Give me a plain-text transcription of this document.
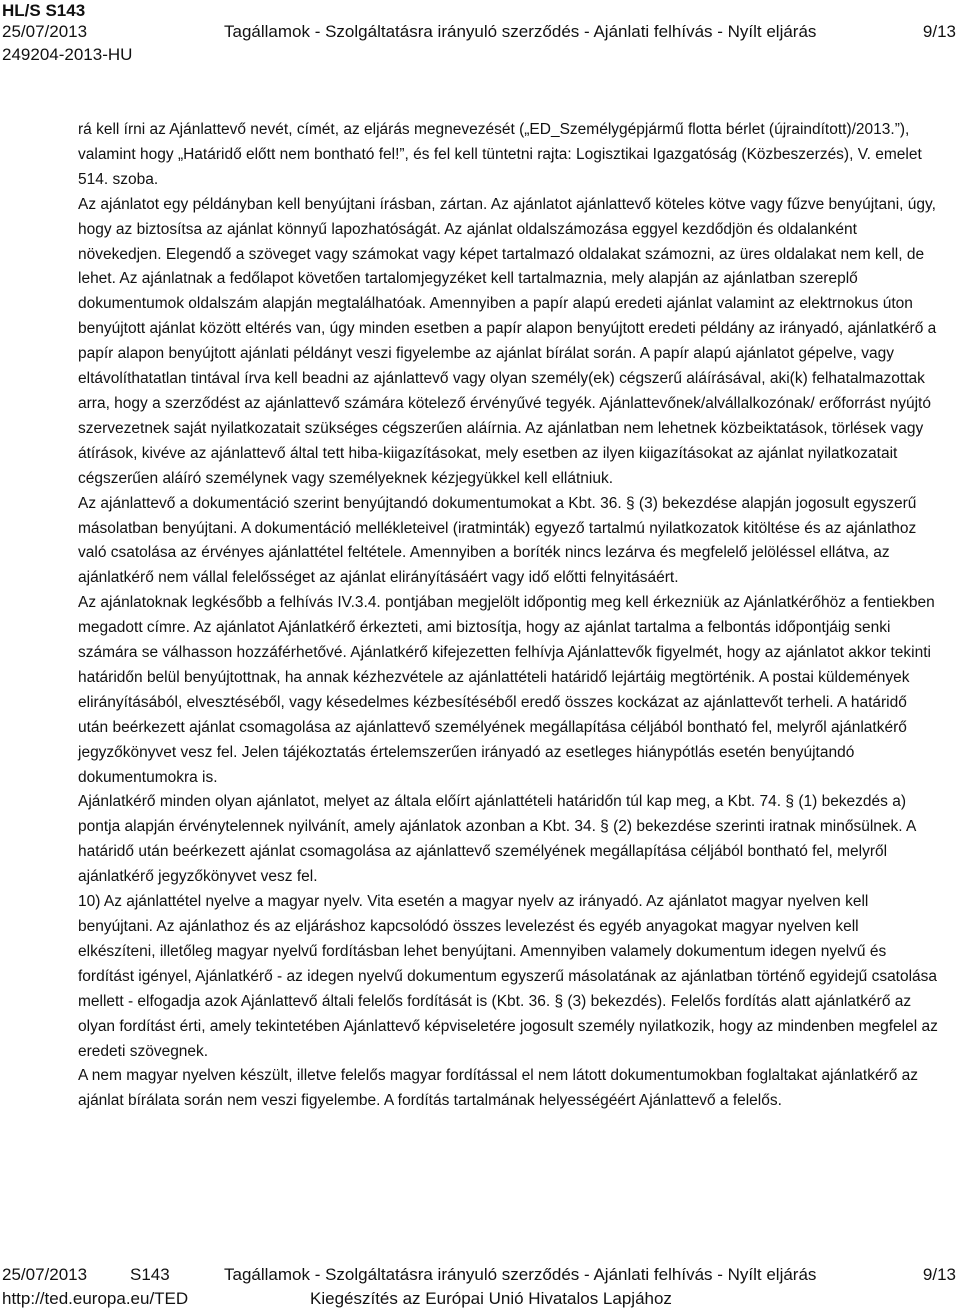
HL/S S143
25/07/2013	Tagállamok - Szolgáltatásra irányuló szerződés - Ajánlati felhívás - Nyílt eljárás	9/13
249204-2013-HU

rá kell írni az Ajánlattevő nevét, címét, az eljárás megnevezését („ED_Személygépjármű flotta bérlet (újraindított)/2013.”), valamint hogy „Határidő előtt nem bontható fel!”, és fel kell tüntetni rajta: Logisztikai Igazgatóság (Közbeszerzés), V. emelet 514. szoba.

Az ajánlatot egy példányban kell benyújtani írásban, zártan. Az ajánlatot ajánlattevő köteles kötve vagy fűzve benyújtani, úgy, hogy az biztosítsa az ajánlat könnyű lapozhatóságát. Az ajánlat oldalszámozása eggyel kezdődjön és oldalanként növekedjen. Elegendő a szöveget vagy számokat vagy képet tartalmazó oldalakat számozni, az üres oldalakat nem kell, de lehet. Az ajánlatnak a fedőlapot követően tartalomjegyzéket kell tartalmaznia, mely alapján az ajánlatban szereplő dokumentumok oldalszám alapján megtalálhatóak. Amennyiben a papír alapú eredeti ajánlat valamint az elektrnokus úton benyújtott ajánlat között eltérés van, úgy minden esetben a papír alapon benyújtott eredeti példány az irányadó, ajánlatkérő a papír alapon benyújtott ajánlati példányt veszi figyelembe az ajánlat bírálat során. A papír alapú ajánlatot gépelve, vagy eltávolíthatatlan tintával írva kell beadni az ajánlattevő vagy olyan személy(ek) cégszerű aláírásával, aki(k) felhatalmazottak arra, hogy a szerződést az ajánlattevő számára kötelező érvényűvé tegyék. Ajánlattevőnek/alvállalkozónak/ erőforrást nyújtó szervezetnek saját nyilatkozatait szükséges cégszerűen aláírnia. Az ajánlatban nem lehetnek közbeiktatások, törlések vagy átírások, kivéve az ajánlattevő által tett hiba-kiigazításokat, mely esetben az ilyen kiigazításokat az ajánlat nyilatkozatait cégszerűen aláíró személynek vagy személyeknek kézjegyükkel kell ellátniuk.

Az ajánlattevő a dokumentáció szerint benyújtandó dokumentumokat a Kbt. 36. § (3) bekezdése alapján jogosult egyszerű másolatban benyújtani. A dokumentáció mellékleteivel (iratminták) egyező tartalmú nyilatkozatok kitöltése és az ajánlathoz való csatolása az érvényes ajánlattétel feltétele. Amennyiben a boríték nincs lezárva és megfelelő jelöléssel ellátva, az ajánlatkérő nem vállal felelősséget az ajánlat elirányításáért vagy idő előtti felnyitásáért.

Az ajánlatoknak legkésőbb a felhívás IV.3.4. pontjában megjelölt időpontig meg kell érkezniük az Ajánlatkérőhöz a fentiekben megadott címre. Az ajánlatot Ajánlatkérő érkezteti, ami biztosítja, hogy az ajánlat tartalma a felbontás időpontjáig senki számára se válhasson hozzáférhetővé. Ajánlatkérő kifejezetten felhívja Ajánlattevők figyelmét, hogy az ajánlatot akkor tekinti határidőn belül benyújtottnak, ha annak kézhezvétele az ajánlattételi határidő lejártáig megtörténik. A postai küldemények elirányításából, elvesztéséből, vagy késedelmes kézbesítéséből eredő összes kockázat az ajánlattevőt terheli. A határidő után beérkezett ajánlat csomagolása az ajánlattevő személyének megállapítása céljából bontható fel, melyről ajánlatkérő jegyzőkönyvet vesz fel. Jelen tájékoztatás értelemszerűen irányadó az esetleges hiánypótlás esetén benyújtandó dokumentumokra is.

Ajánlatkérő minden olyan ajánlatot, melyet az általa előírt ajánlattételi határidőn túl kap meg, a Kbt. 74. § (1) bekezdés a) pontja alapján érvénytelennek nyilvánít, amely ajánlatok azonban a Kbt. 34. § (2) bekezdése szerinti iratnak minősülnek. A határidő után beérkezett ajánlat csomagolása az ajánlattevő személyének megállapítása céljából bontható fel, melyről ajánlatkérő jegyzőkönyvet vesz fel.

10) Az ajánlattétel nyelve a magyar nyelv. Vita esetén a magyar nyelv az irányadó. Az ajánlatot magyar nyelven kell benyújtani. Az ajánlathoz és az eljáráshoz kapcsolódó összes levelezést és egyéb anyagokat magyar nyelven kell elkészíteni, illetőleg magyar nyelvű fordításban lehet benyújtani. Amennyiben valamely dokumentum idegen nyelvű és fordítást igényel, Ajánlatkérő - az idegen nyelvű dokumentum egyszerű másolatának az ajánlatban történő egyidejű csatolása mellett - elfogadja azok Ajánlattevő általi felelős fordítását is (Kbt. 36. § (3) bekezdés). Felelős fordítás alatt ajánlatkérő az olyan fordítást érti, amely tekintetében Ajánlattevő képviseletére jogosult személy nyilatkozik, hogy az mindenben megfelel az eredeti szövegnek.

A nem magyar nyelven készült, illetve felelős magyar fordítással el nem látott dokumentumokban foglaltakat ajánlatkérő az ajánlat bírálata során nem veszi figyelembe. A fordítás tartalmának helyességéért Ajánlattevő a felelős.

25/07/2013	S143	Tagállamok - Szolgáltatásra irányuló szerződés - Ajánlati felhívás - Nyílt eljárás	9/13
http://ted.europa.eu/TED	Kiegészítés az Európai Unió Hivatalos Lapjához
